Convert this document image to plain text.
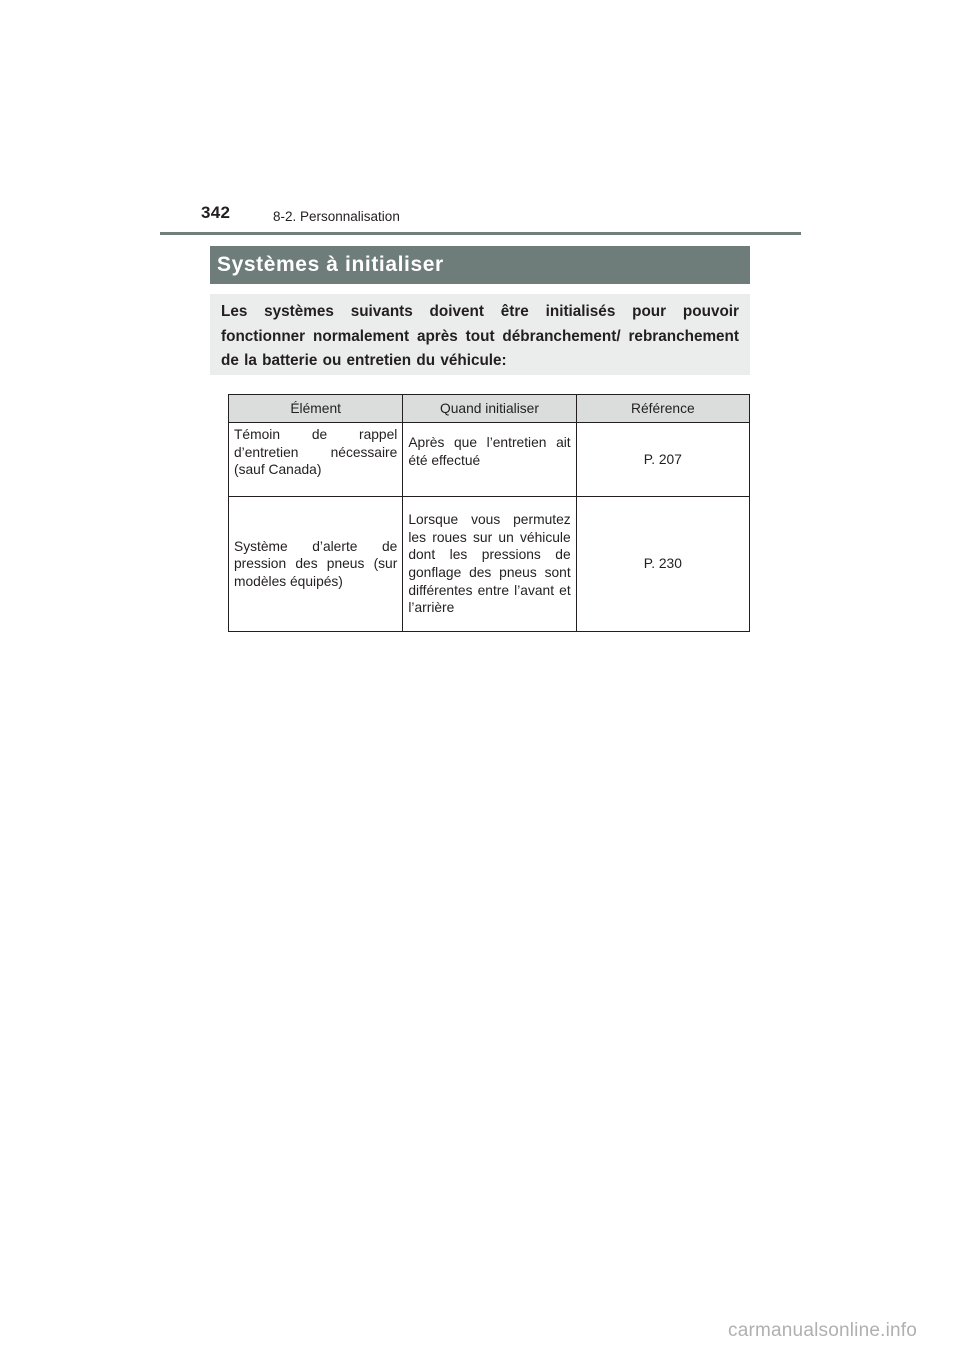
342	8-2. Personnalisation
Systèmes à initialiser

Les systèmes suivants doivent être initialisés pour pouvoir fonctionner normalement après tout débranchement/ rebranchement de la batterie ou entretien du véhicule:

Élément	Quand initialiser	Référence
Témoin de rappel d’entretien nécessaire (sauf Canada)	Après que l’entretien ait été effectué	P. 207
Système d’alerte de pression des pneus (sur modèles équipés)	Lorsque vous permutez les roues sur un véhicule dont les pressions de gonflage des pneus sont différentes entre l’avant et l’arrière	P. 230
carmanualsonline.info
